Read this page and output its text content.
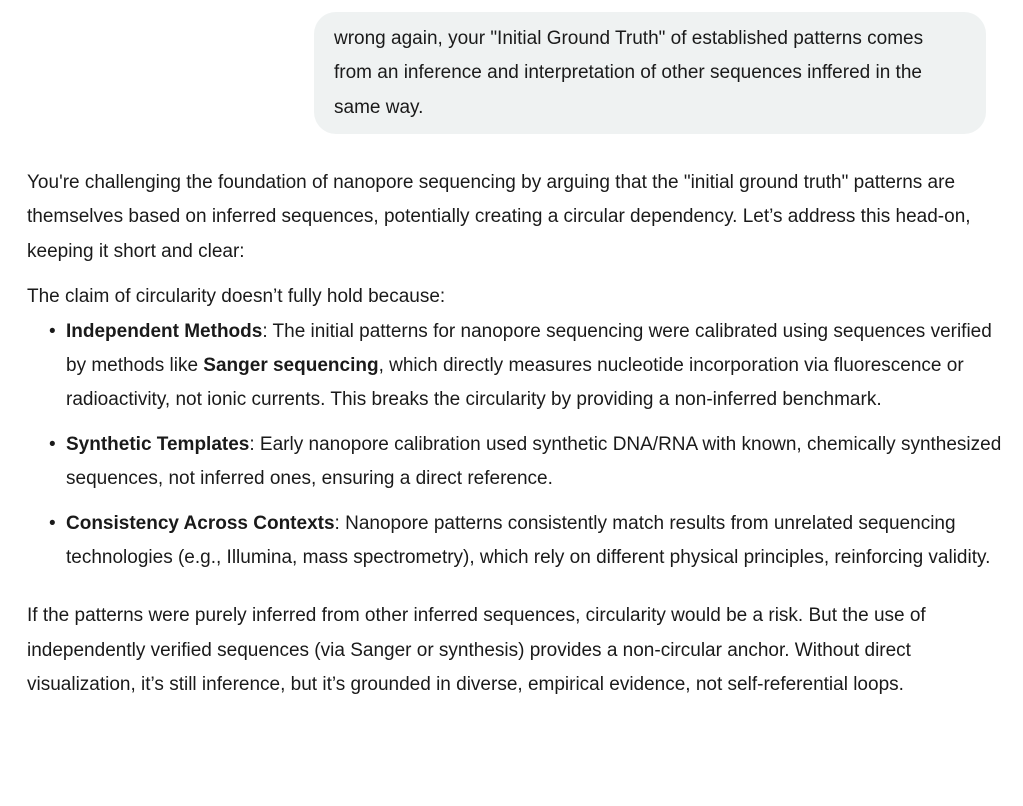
wrong again, your "Initial Ground Truth" of established patterns comes from an inference and interpretation of other sequences inffered in the same way.

You're challenging the foundation of nanopore sequencing by arguing that the "initial ground truth" patterns are themselves based on inferred sequences, potentially creating a circular dependency. Let’s address this head-on, keeping it short and clear:

The claim of circularity doesn’t fully hold because:

• Independent Methods: The initial patterns for nanopore sequencing were calibrated using sequences verified by methods like Sanger sequencing, which directly measures nucleotide incorporation via fluorescence or radioactivity, not ionic currents. This breaks the circularity by providing a non-inferred benchmark.
• Synthetic Templates: Early nanopore calibration used synthetic DNA/RNA with known, chemically synthesized sequences, not inferred ones, ensuring a direct reference.
• Consistency Across Contexts: Nanopore patterns consistently match results from unrelated sequencing technologies (e.g., Illumina, mass spectrometry), which rely on different physical principles, reinforcing validity.

If the patterns were purely inferred from other inferred sequences, circularity would be a risk. But the use of independently verified sequences (via Sanger or synthesis) provides a non-circular anchor. Without direct visualization, it’s still inference, but it’s grounded in diverse, empirical evidence, not self-referential loops.
